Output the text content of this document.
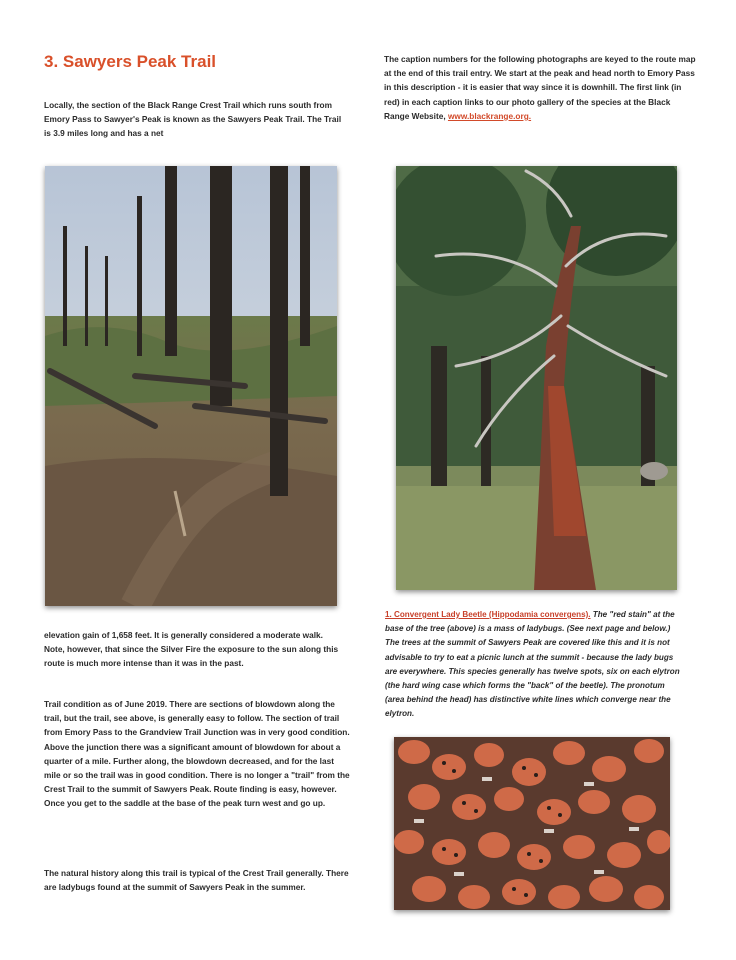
3. Sawyers Peak Trail
Locally, the section of the Black Range Crest Trail which runs south from Emory Pass to Sawyer's Peak is known as the Sawyers Peak Trail. The Trail is 3.9 miles long and has a net
The caption numbers for the following photographs are keyed to the route map at the end of this trail entry. We start at the peak and head north to Emory Pass in this description - it is easier that way since it is downhill. The first link (in red) in each caption links to our photo gallery of the species at the Black Range Website, www.blackrange.org.
1. Convergent Lady Beetle (Hippodamia convergens). The "red stain" at the base of the tree (above) is a mass of ladybugs. (See next page and below.) The trees at the summit of Sawyers Peak are covered like this and it is not advisable to try to eat a picnic lunch at the summit - because the lady bugs are everywhere. This species generally has twelve spots, six on each elytron (the hard wing case which forms the "back" of the beetle). The pronotum (area behind the head) has distinctive white lines which converge near the elytron.
elevation gain of 1,658 feet. It is generally considered a moderate walk. Note, however, that since the Silver Fire the exposure to the sun along this route is much more intense than it was in the past.
Trail condition as of June 2019. There are sections of blowdown along the trail, but the trail, see above, is generally easy to follow. The section of trail from Emory Pass to the Grandview Trail Junction was in very good condition. Above the junction there was a significant amount of blowdown for about a quarter of a mile. Further along, the blowdown decreased, and for the last mile or so the trail was in good condition. There is no longer a "trail" from the Crest Trail to the summit of Sawyers Peak. Route finding is easy, however. Once you get to the saddle at the base of the peak turn west and go up.
The natural history along this trail is typical of the Crest Trail generally. There are ladybugs found at the summit of Sawyers Peak in the summer.
